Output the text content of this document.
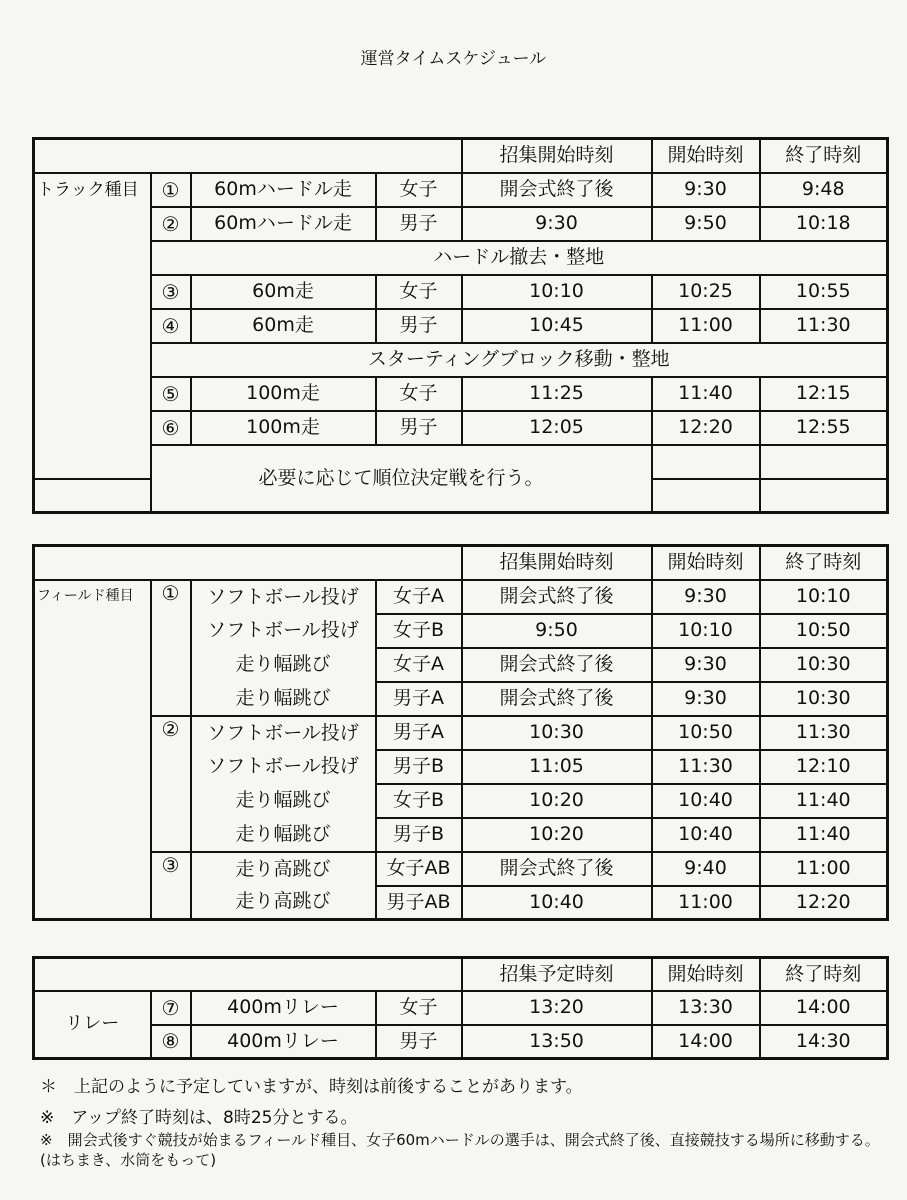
運営タイムスケジュール
				招集開始時刻	開始時刻	終了時刻
トラック種目	①	60mハードル走	女子	開会式終了後	9:30	9:48
	②	60mハードル走	男子	9:30	9:50	10:18
	ハードル撤去・整地					
	③	60m走	女子	10:10	10:25	10:55
	④	60m走	男子	10:45	11:00	11:30
	スターティングブロック移動・整地					
	⑤	100m走	女子	11:25	11:40	12:15
	⑥	100m走	男子	12:05	12:20	12:55
	必要に応じて順位決定戦を行う。					

				招集開始時刻	開始時刻	終了時刻
フィールド種目	①	ソフトボール投げ	女子A	開会式終了後	9:30	10:10
		ソフトボール投げ	女子B	9:50	10:10	10:50
		走り幅跳び	女子A	開会式終了後	9:30	10:30
		走り幅跳び	男子A	開会式終了後	9:30	10:30
	②	ソフトボール投げ	男子A	10:30	10:50	11:30
		ソフトボール投げ	男子B	11:05	11:30	12:10
		走り幅跳び	女子B	10:20	10:40	11:40
		走り幅跳び	男子B	10:20	10:40	11:40
	③	走り高跳び	女子AB	開会式終了後	9:40	11:00
		走り高跳び	男子AB	10:40	11:00	12:20
				招集予定時刻	開始時刻	終了時刻
リレー	⑦	400mリレー	女子	13:20	13:30	14:00
	⑧	400mリレー	男子	13:50	14:00	14:30
＊　上記のように予定していますが、時刻は前後することがあります。
※　アップ終了時刻は、8時25分とする。
※　開会式後すぐ競技が始まるフィールド種目、女子60mハードルの選手は、開会式終了後、直接競技する場所に移動する。　(はちまき、水筒をもって)
